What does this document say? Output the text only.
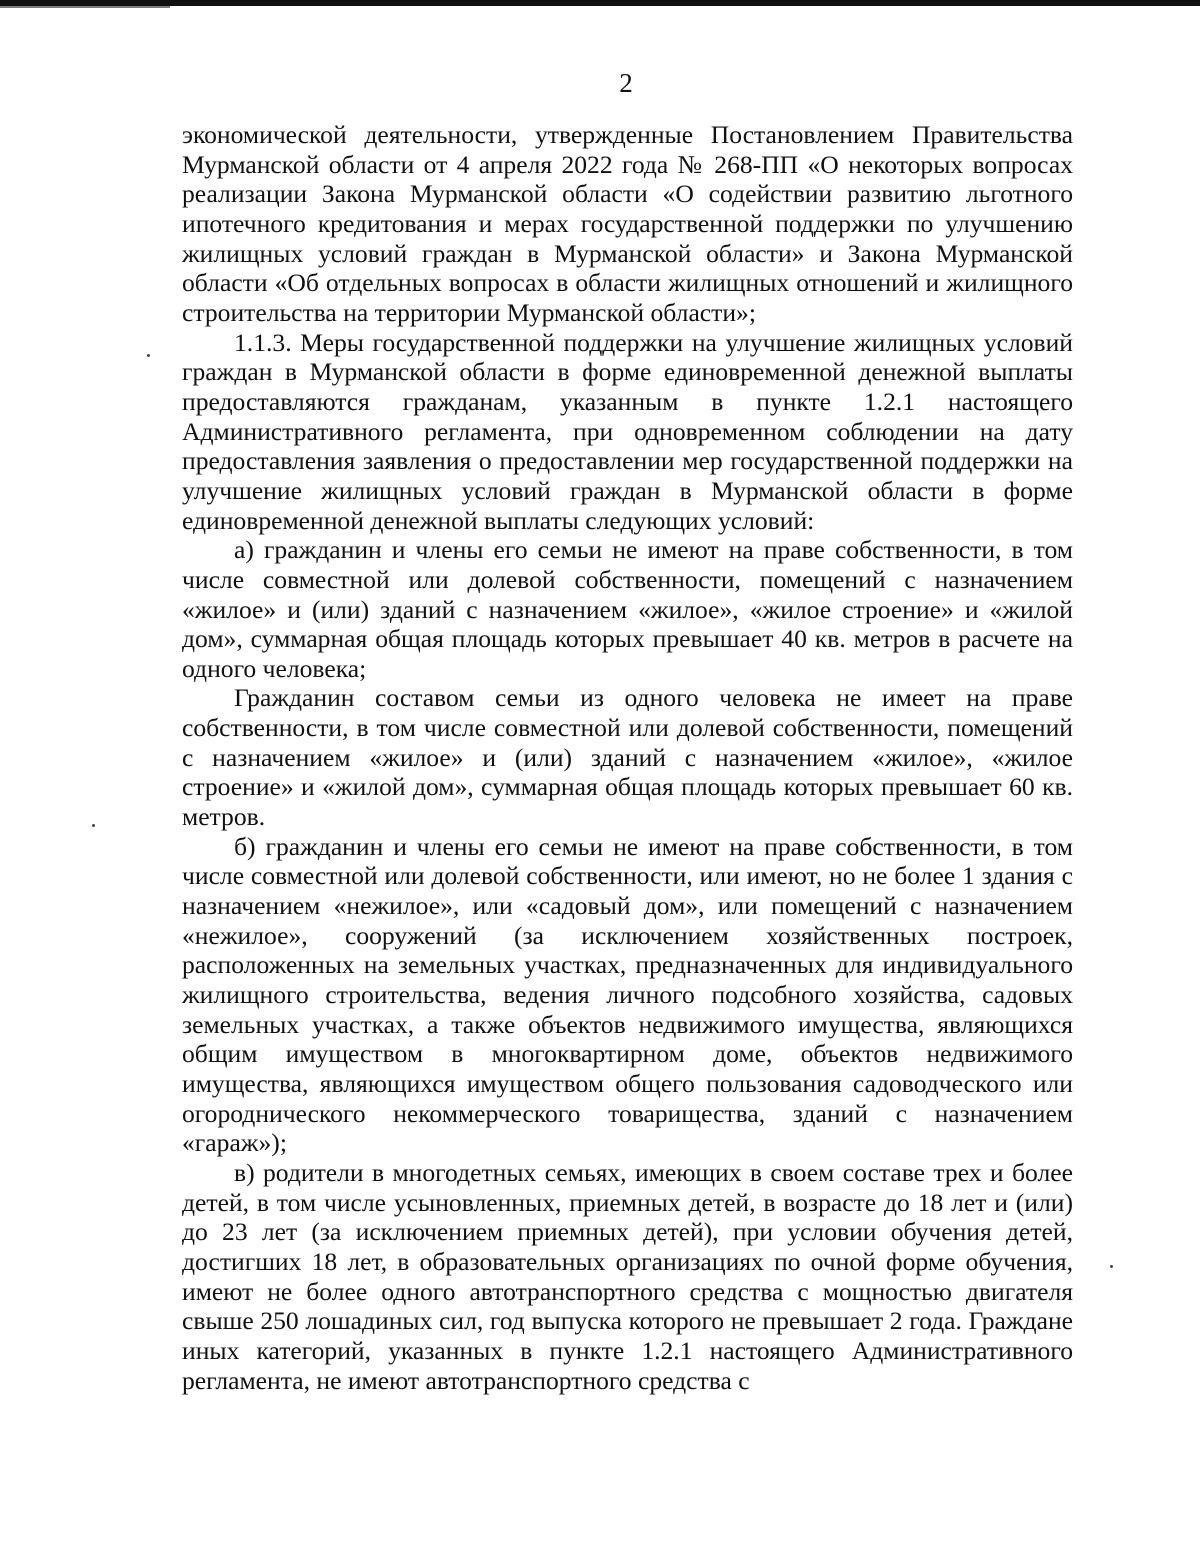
2

экономической деятельности, утвержденные Постановлением Правительства Мурманской области от 4 апреля 2022 года № 268-ПП «О некоторых вопросах реализации Закона Мурманской области «О содействии развитию льготного ипотечного кредитования и мерах государственной поддержки по улучшению жилищных условий граждан в Мурманской области» и Закона Мурманской области «Об отдельных вопросах в области жилищных отношений и жилищного строительства на территории Мурманской области»;

1.1.3. Меры государственной поддержки на улучшение жилищных условий граждан в Мурманской области в форме единовременной денежной выплаты предоставляются гражданам, указанным в пункте 1.2.1 настоящего Административного регламента, при одновременном соблюдении на дату предоставления заявления о предоставлении мер государственной поддержки на улучшение жилищных условий граждан в Мурманской области в форме единовременной денежной выплаты следующих условий:

а) гражданин и члены его семьи не имеют на праве собственности, в том числе совместной или долевой собственности, помещений с назначением «жилое» и (или) зданий с назначением «жилое», «жилое строение» и «жилой дом», суммарная общая площадь которых превышает 40 кв. метров в расчете на одного человека;

Гражданин составом семьи из одного человека не имеет на праве собственности, в том числе совместной или долевой собственности, помещений с назначением «жилое» и (или) зданий с назначением «жилое», «жилое строение» и «жилой дом», суммарная общая площадь которых превышает 60 кв. метров.

б) гражданин и члены его семьи не имеют на праве собственности, в том числе совместной или долевой собственности, или имеют, но не более 1 здания с назначением «нежилое», или «садовый дом», или помещений с назначением «нежилое», сооружений (за исключением хозяйственных построек, расположенных на земельных участках, предназначенных для индивидуального жилищного строительства, ведения личного подсобного хозяйства, садовых земельных участках, а также объектов недвижимого имущества, являющихся общим имуществом в многоквартирном доме, объектов недвижимого имущества, являющихся имуществом общего пользования садоводческого или огороднического некоммерческого товарищества, зданий с назначением «гараж»);

в) родители в многодетных семьях, имеющих в своем составе трех и более детей, в том числе усыновленных, приемных детей, в возрасте до 18 лет и (или) до 23 лет (за исключением приемных детей), при условии обучения детей, достигших 18 лет, в образовательных организациях по очной форме обучения, имеют не более одного автотранспортного средства с мощностью двигателя свыше 250 лошадиных сил, год выпуска которого не превышает 2 года. Граждане иных категорий, указанных в пункте 1.2.1 настоящего Административного регламента, не имеют автотранспортного средства с
